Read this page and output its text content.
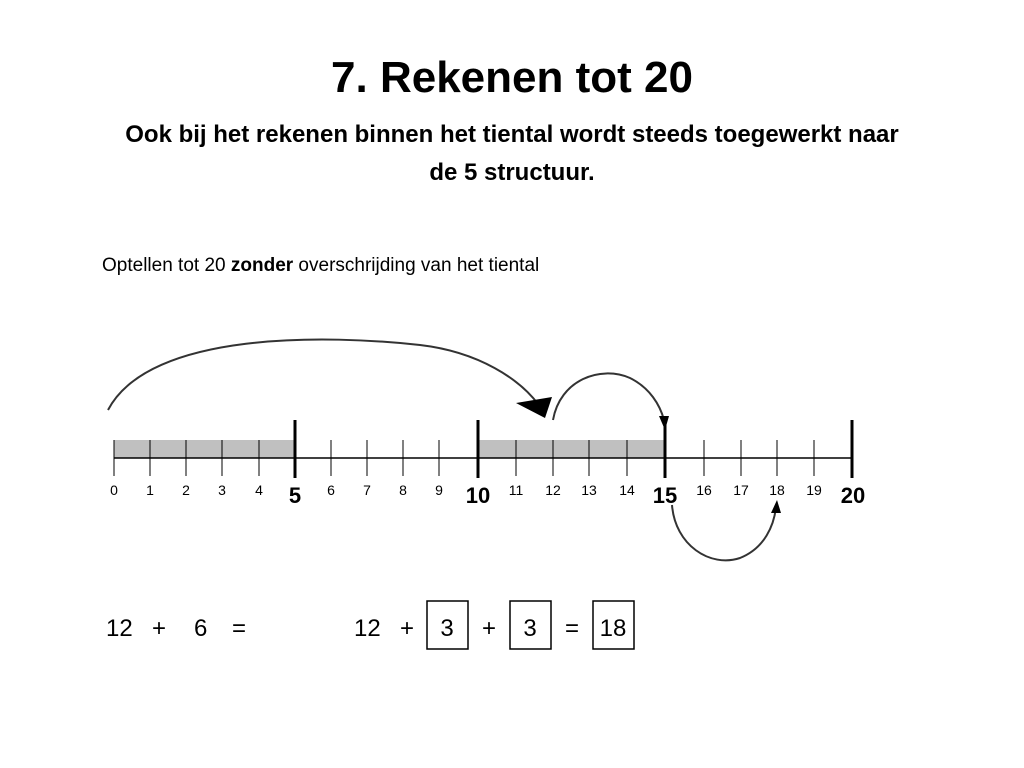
7. Rekenen tot 20
Ook bij het rekenen binnen het tiental wordt steeds toegewerkt naar de 5 structuur.
Optellen tot 20 zonder overschrijding van het tiental
0 1 2 3 4 5 6 7 8 9 10 11 12 13 14 15 16 17 18 19 20
12 + 6 =	12 + 3 + 3 = 18
